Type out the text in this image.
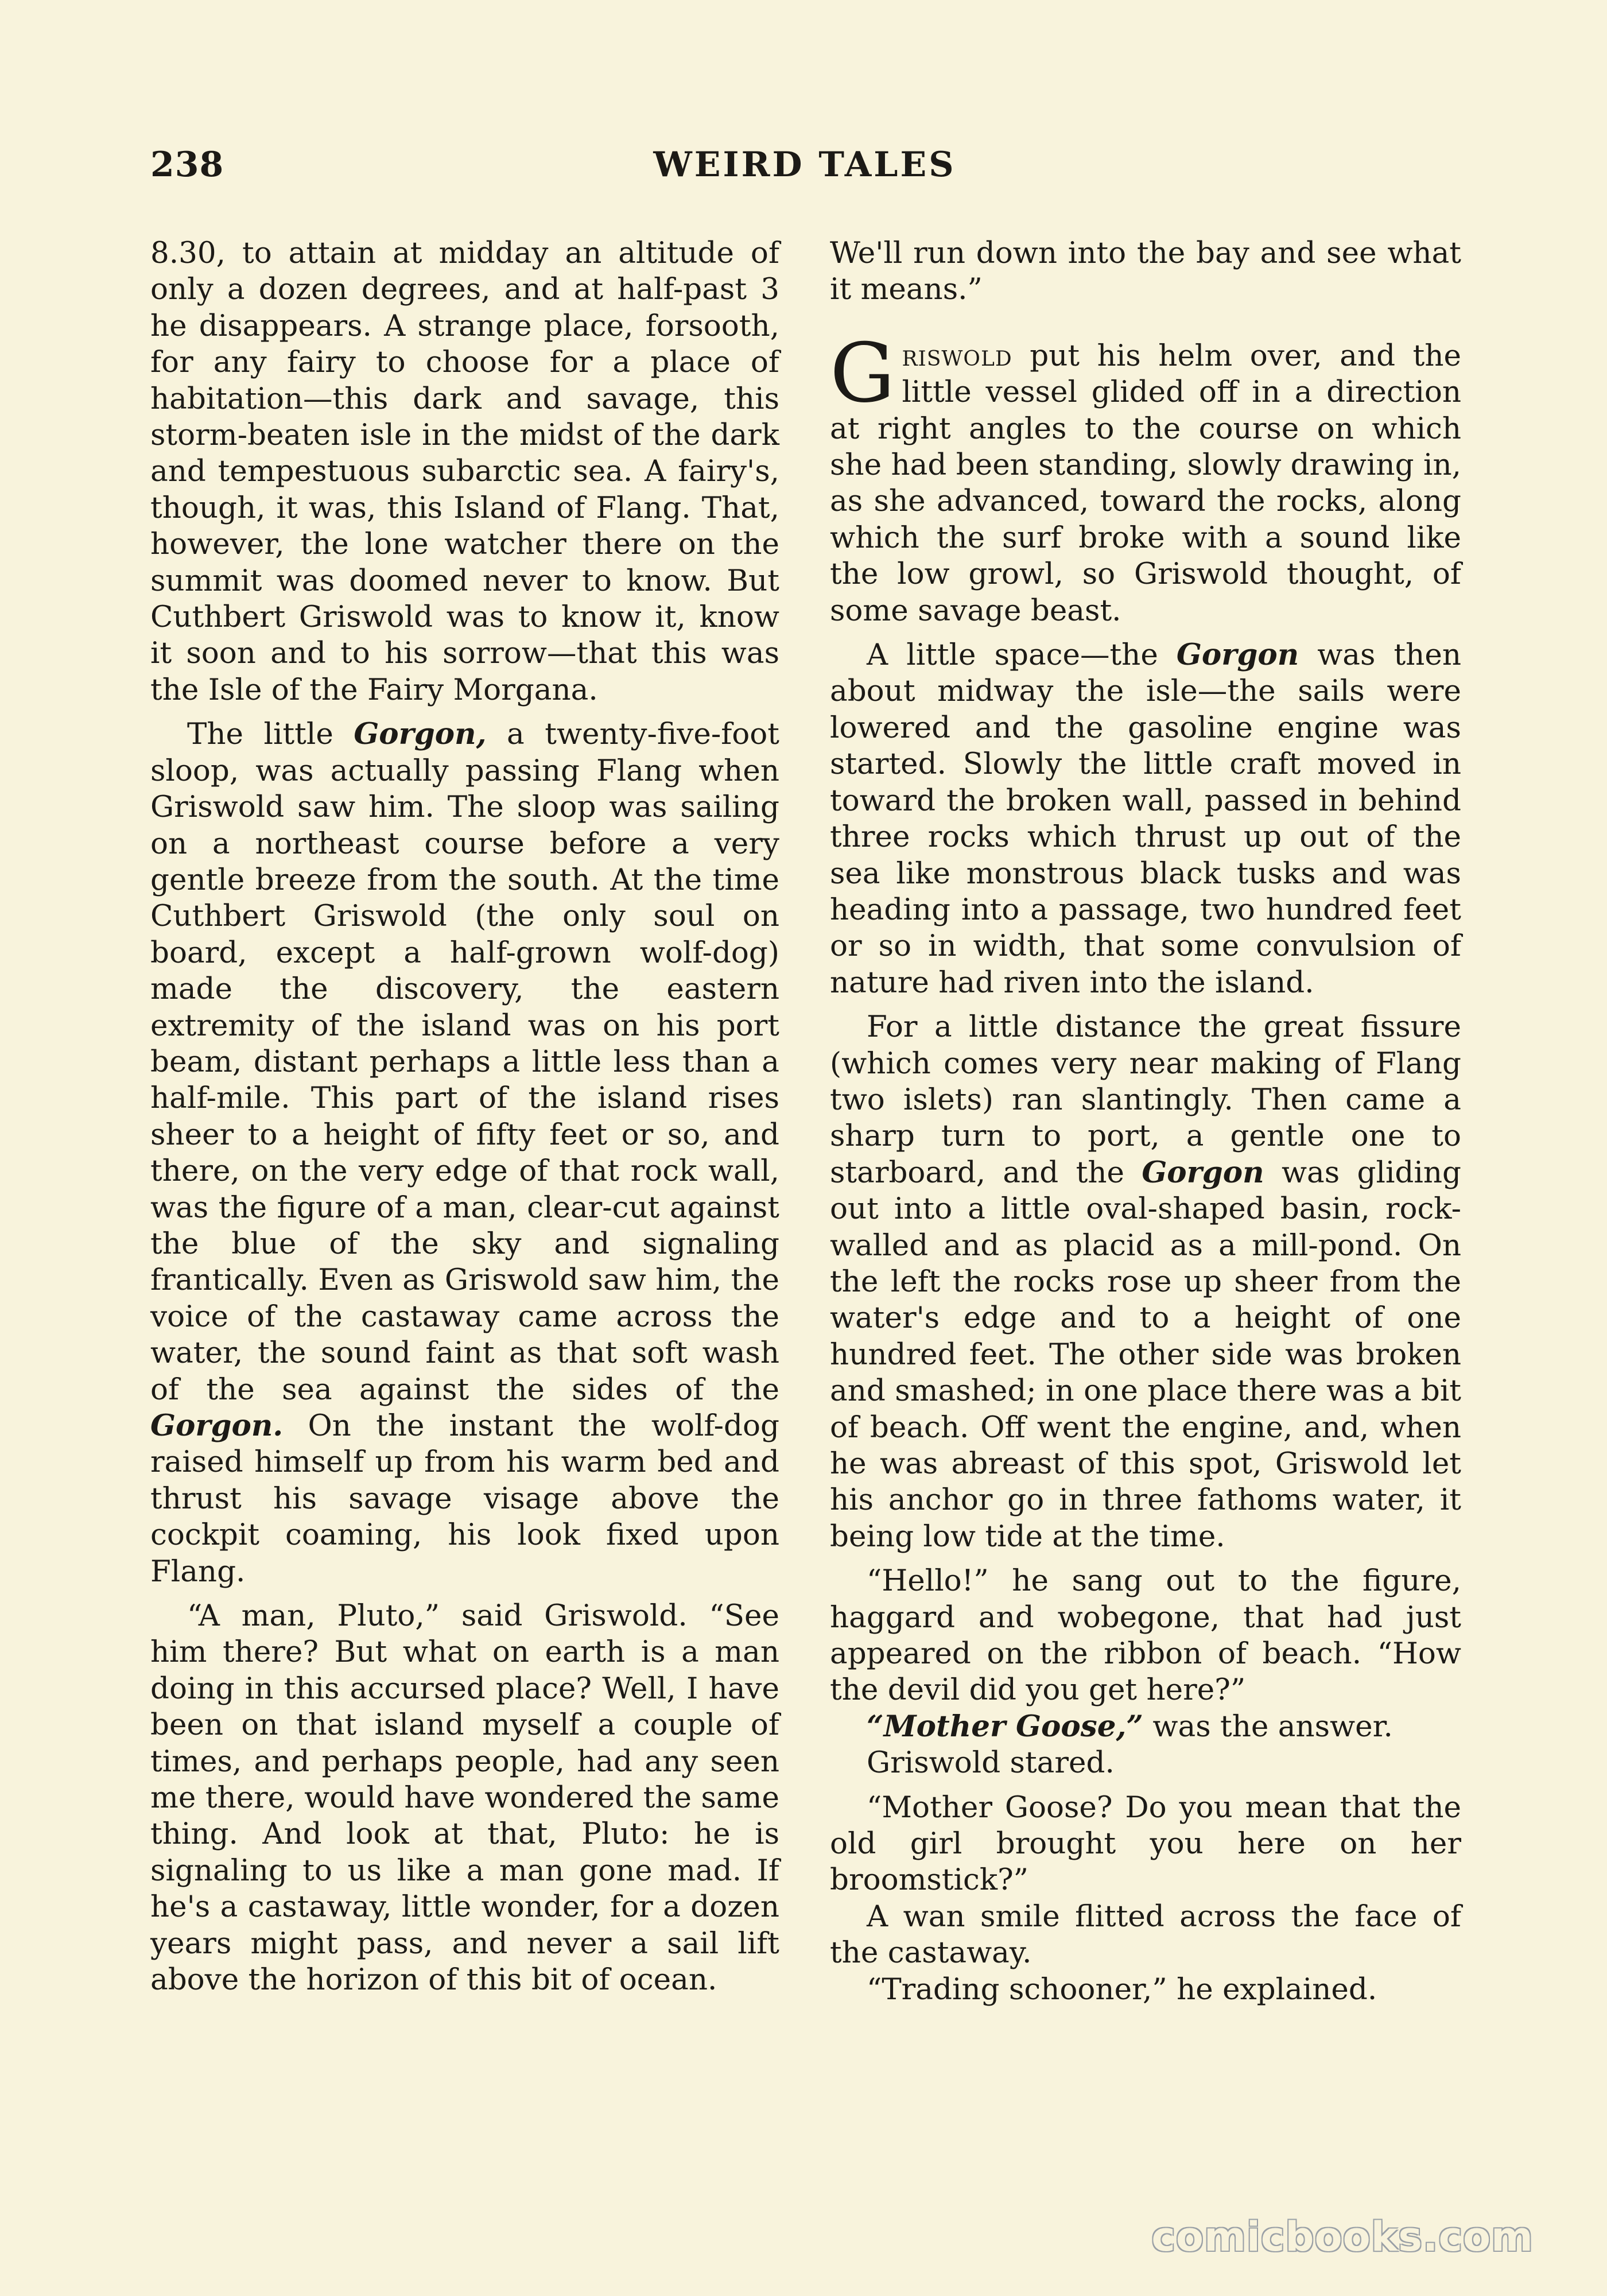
238	WEIRD TALES

8.30, to attain at midday an altitude of only a dozen degrees, and at half-past 3 he disappears. A strange place, forsooth, for any fairy to choose for a place of habitation—this dark and savage, this storm-beaten isle in the midst of the dark and tempestuous subarctic sea. A fairy's, though, it was, this Island of Flang. That, however, the lone watcher there on the summit was doomed never to know. But Cuthbert Griswold was to know it, know it soon and to his sorrow—that this was the Isle of the Fairy Morgana.

The little Gorgon, a twenty-five-foot sloop, was actually passing Flang when Griswold saw him. The sloop was sailing on a northeast course before a very gentle breeze from the south. At the time Cuthbert Griswold (the only soul on board, except a half-grown wolf-dog) made the discovery, the eastern extremity of the island was on his port beam, distant perhaps a little less than a half-mile. This part of the island rises sheer to a height of fifty feet or so, and there, on the very edge of that rock wall, was the figure of a man, clear-cut against the blue of the sky and signaling frantically. Even as Griswold saw him, the voice of the castaway came across the water, the sound faint as that soft wash of the sea against the sides of the Gorgon. On the instant the wolf-dog raised himself up from his warm bed and thrust his savage visage above the cockpit coaming, his look fixed upon Flang.

“A man, Pluto,” said Griswold. “See him there? But what on earth is a man doing in this accursed place? Well, I have been on that island myself a couple of times, and perhaps people, had any seen me there, would have wondered the same thing. And look at that, Pluto: he is signaling to us like a man gone mad. If he's a castaway, little wonder, for a dozen years might pass, and never a sail lift above the horizon of this bit of ocean.

We'll run down into the bay and see what it means.”

Griswold put his helm over, and the little vessel glided off in a direction at right angles to the course on which she had been standing, slowly drawing in, as she advanced, toward the rocks, along which the surf broke with a sound like the low growl, so Griswold thought, of some savage beast.

A little space—the Gorgon was then about midway the isle—the sails were lowered and the gasoline engine was started. Slowly the little craft moved in toward the broken wall, passed in behind three rocks which thrust up out of the sea like monstrous black tusks and was heading into a passage, two hundred feet or so in width, that some convulsion of nature had riven into the island.

For a little distance the great fissure (which comes very near making of Flang two islets) ran slantingly. Then came a sharp turn to port, a gentle one to starboard, and the Gorgon was gliding out into a little oval-shaped basin, rock-walled and as placid as a mill-pond. On the left the rocks rose up sheer from the water's edge and to a height of one hundred feet. The other side was broken and smashed; in one place there was a bit of beach. Off went the engine, and, when he was abreast of this spot, Griswold let his anchor go in three fathoms water, it being low tide at the time.

“Hello!” he sang out to the figure, haggard and wobegone, that had just appeared on the ribbon of beach. “How the devil did you get here?”

“Mother Goose,” was the answer.

Griswold stared.

“Mother Goose? Do you mean that the old girl brought you here on her broomstick?”

A wan smile flitted across the face of the castaway.

“Trading schooner,” he explained.

comicbooks.com
